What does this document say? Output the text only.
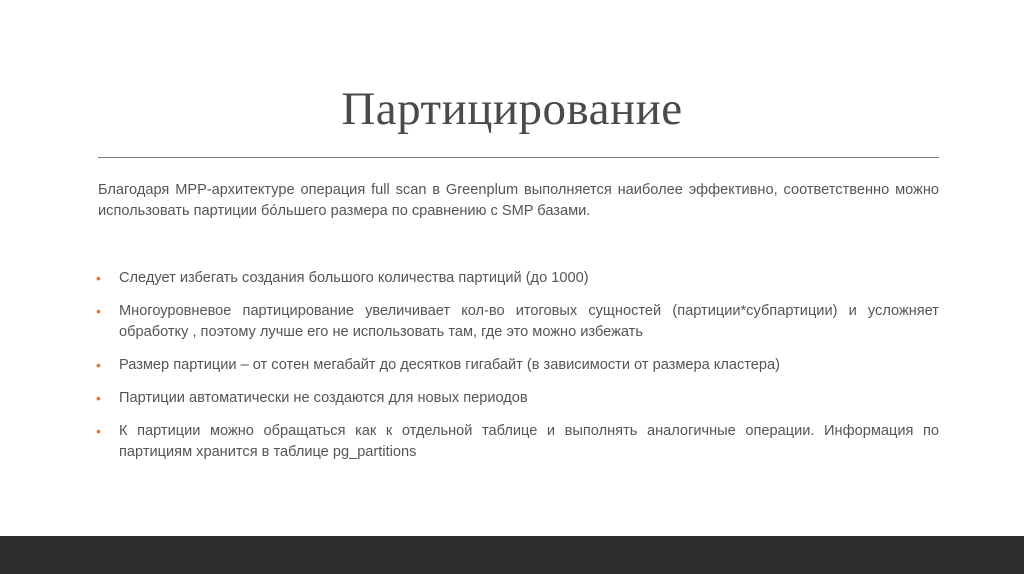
Партицирование

Благодаря MPP-архитектуре операция full scan в Greenplum выполняется наиболее эффективно, соответственно можно использовать партиции бóльшего размера по сравнению с SMP базами.

• Следует избегать создания большого количества партиций (до 1000)
• Многоуровневое партицирование увеличивает кол-во итоговых сущностей (партиции*субпартиции) и усложняет обработку , поэтому лучше его не использовать там, где это можно избежать
• Размер партиции – от сотен мегабайт до десятков гигабайт (в зависимости от размера кластера)
• Партиции автоматически не создаются для новых периодов
• К партиции можно обращаться как к отдельной таблице и выполнять аналогичные операции. Информация по партициям хранится в таблице pg_partitions
